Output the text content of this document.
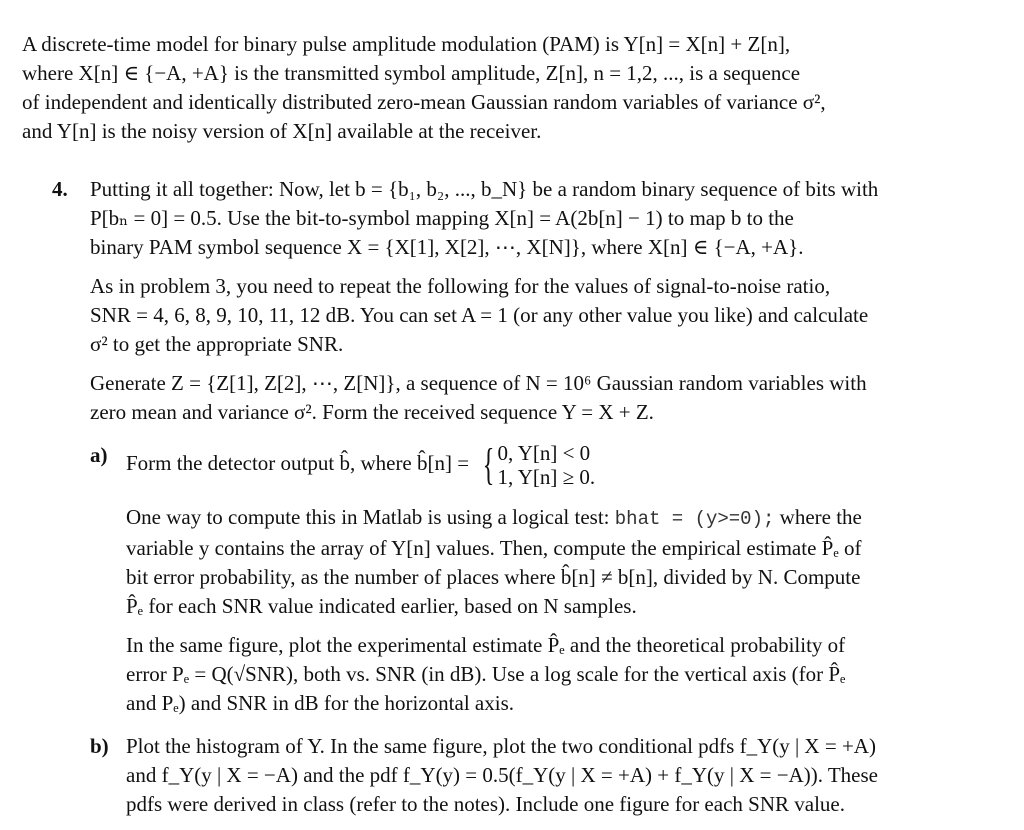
A discrete-time model for binary pulse amplitude modulation (PAM) is Y[n] = X[n] + Z[n],

where X[n] ∈ {−A, +A} is the transmitted symbol amplitude, Z[n], n = 1,2, ..., is a sequence

of independent and identically distributed zero-mean Gaussian random variables of variance σ²,

and Y[n] is the noisy version of X[n] available at the receiver.

4. Putting it all together: Now, let b = {b₁, b₂, ..., b_N} be a random binary sequence of bits with
P[bₙ = 0] = 0.5. Use the bit-to-symbol mapping X[n] = A(2b[n] − 1) to map b to the
binary PAM symbol sequence X = {X[1], X[2], ⋯, X[N]}, where X[n] ∈ {−A, +A}.
As in problem 3, you need to repeat the following for the values of signal-to-noise ratio,
SNR = 4, 6, 8, 9, 10, 11, 12 dB. You can set A = 1 (or any other value you like) and calculate
σ² to get the appropriate SNR.
Generate Z = {Z[1], Z[2], ⋯, Z[N]}, a sequence of N = 10⁶ Gaussian random variables with
zero mean and variance σ². Form the received sequence Y = X + Z.
a) Form the detector output b̂, where b̂[n] = { 0, Y[n] < 0
1, Y[n] ≥ 0.
One way to compute this in Matlab is using a logical test: bhat = (y>=0); where the
variable y contains the array of Y[n] values. Then, compute the empirical estimate P̂ₑ of
bit error probability, as the number of places where b̂[n] ≠ b[n], divided by N. Compute
P̂ₑ for each SNR value indicated earlier, based on N samples.
In the same figure, plot the experimental estimate P̂ₑ and the theoretical probability of
error Pₑ = Q(√SNR), both vs. SNR (in dB). Use a log scale for the vertical axis (for P̂ₑ
and Pₑ) and SNR in dB for the horizontal axis.
b) Plot the histogram of Y. In the same figure, plot the two conditional pdfs f_Y(y | X = +A)
and f_Y(y | X = −A) and the pdf f_Y(y) = 0.5(f_Y(y | X = +A) + f_Y(y | X = −A)). These
pdfs were derived in class (refer to the notes). Include one figure for each SNR value.
